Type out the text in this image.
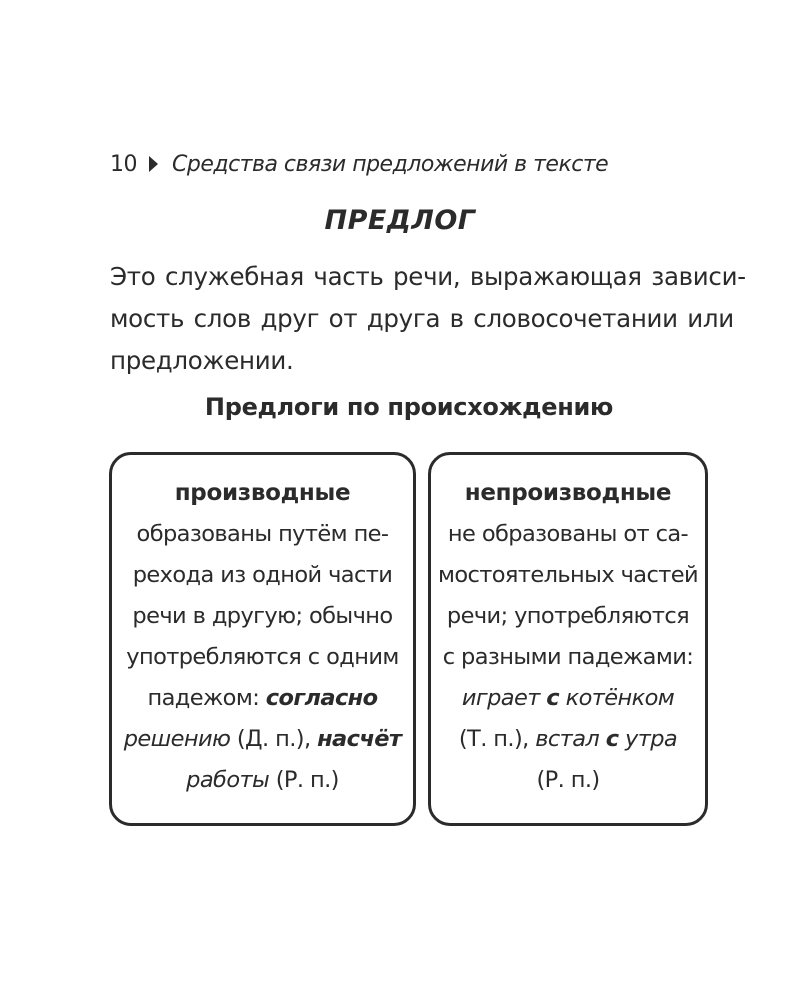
10 Средства связи предложений в тексте
ПРЕДЛОГ
Это служебная часть речи, выражающая зависи-
мость слов друг от друга в словосочетании или
предложении.
Предлоги по происхождению
производные
образованы путём пе-
рехода из одной части
речи в другую; обычно
употребляются с одним
падежом: согласно
решению (Д. п.), насчёт
работы (Р. п.)
непроизводные
не образованы от са-
мостоятельных частей
речи; употребляются
с разными падежами:
играет с котёнком
(Т. п.), встал с утра
(Р. п.)
